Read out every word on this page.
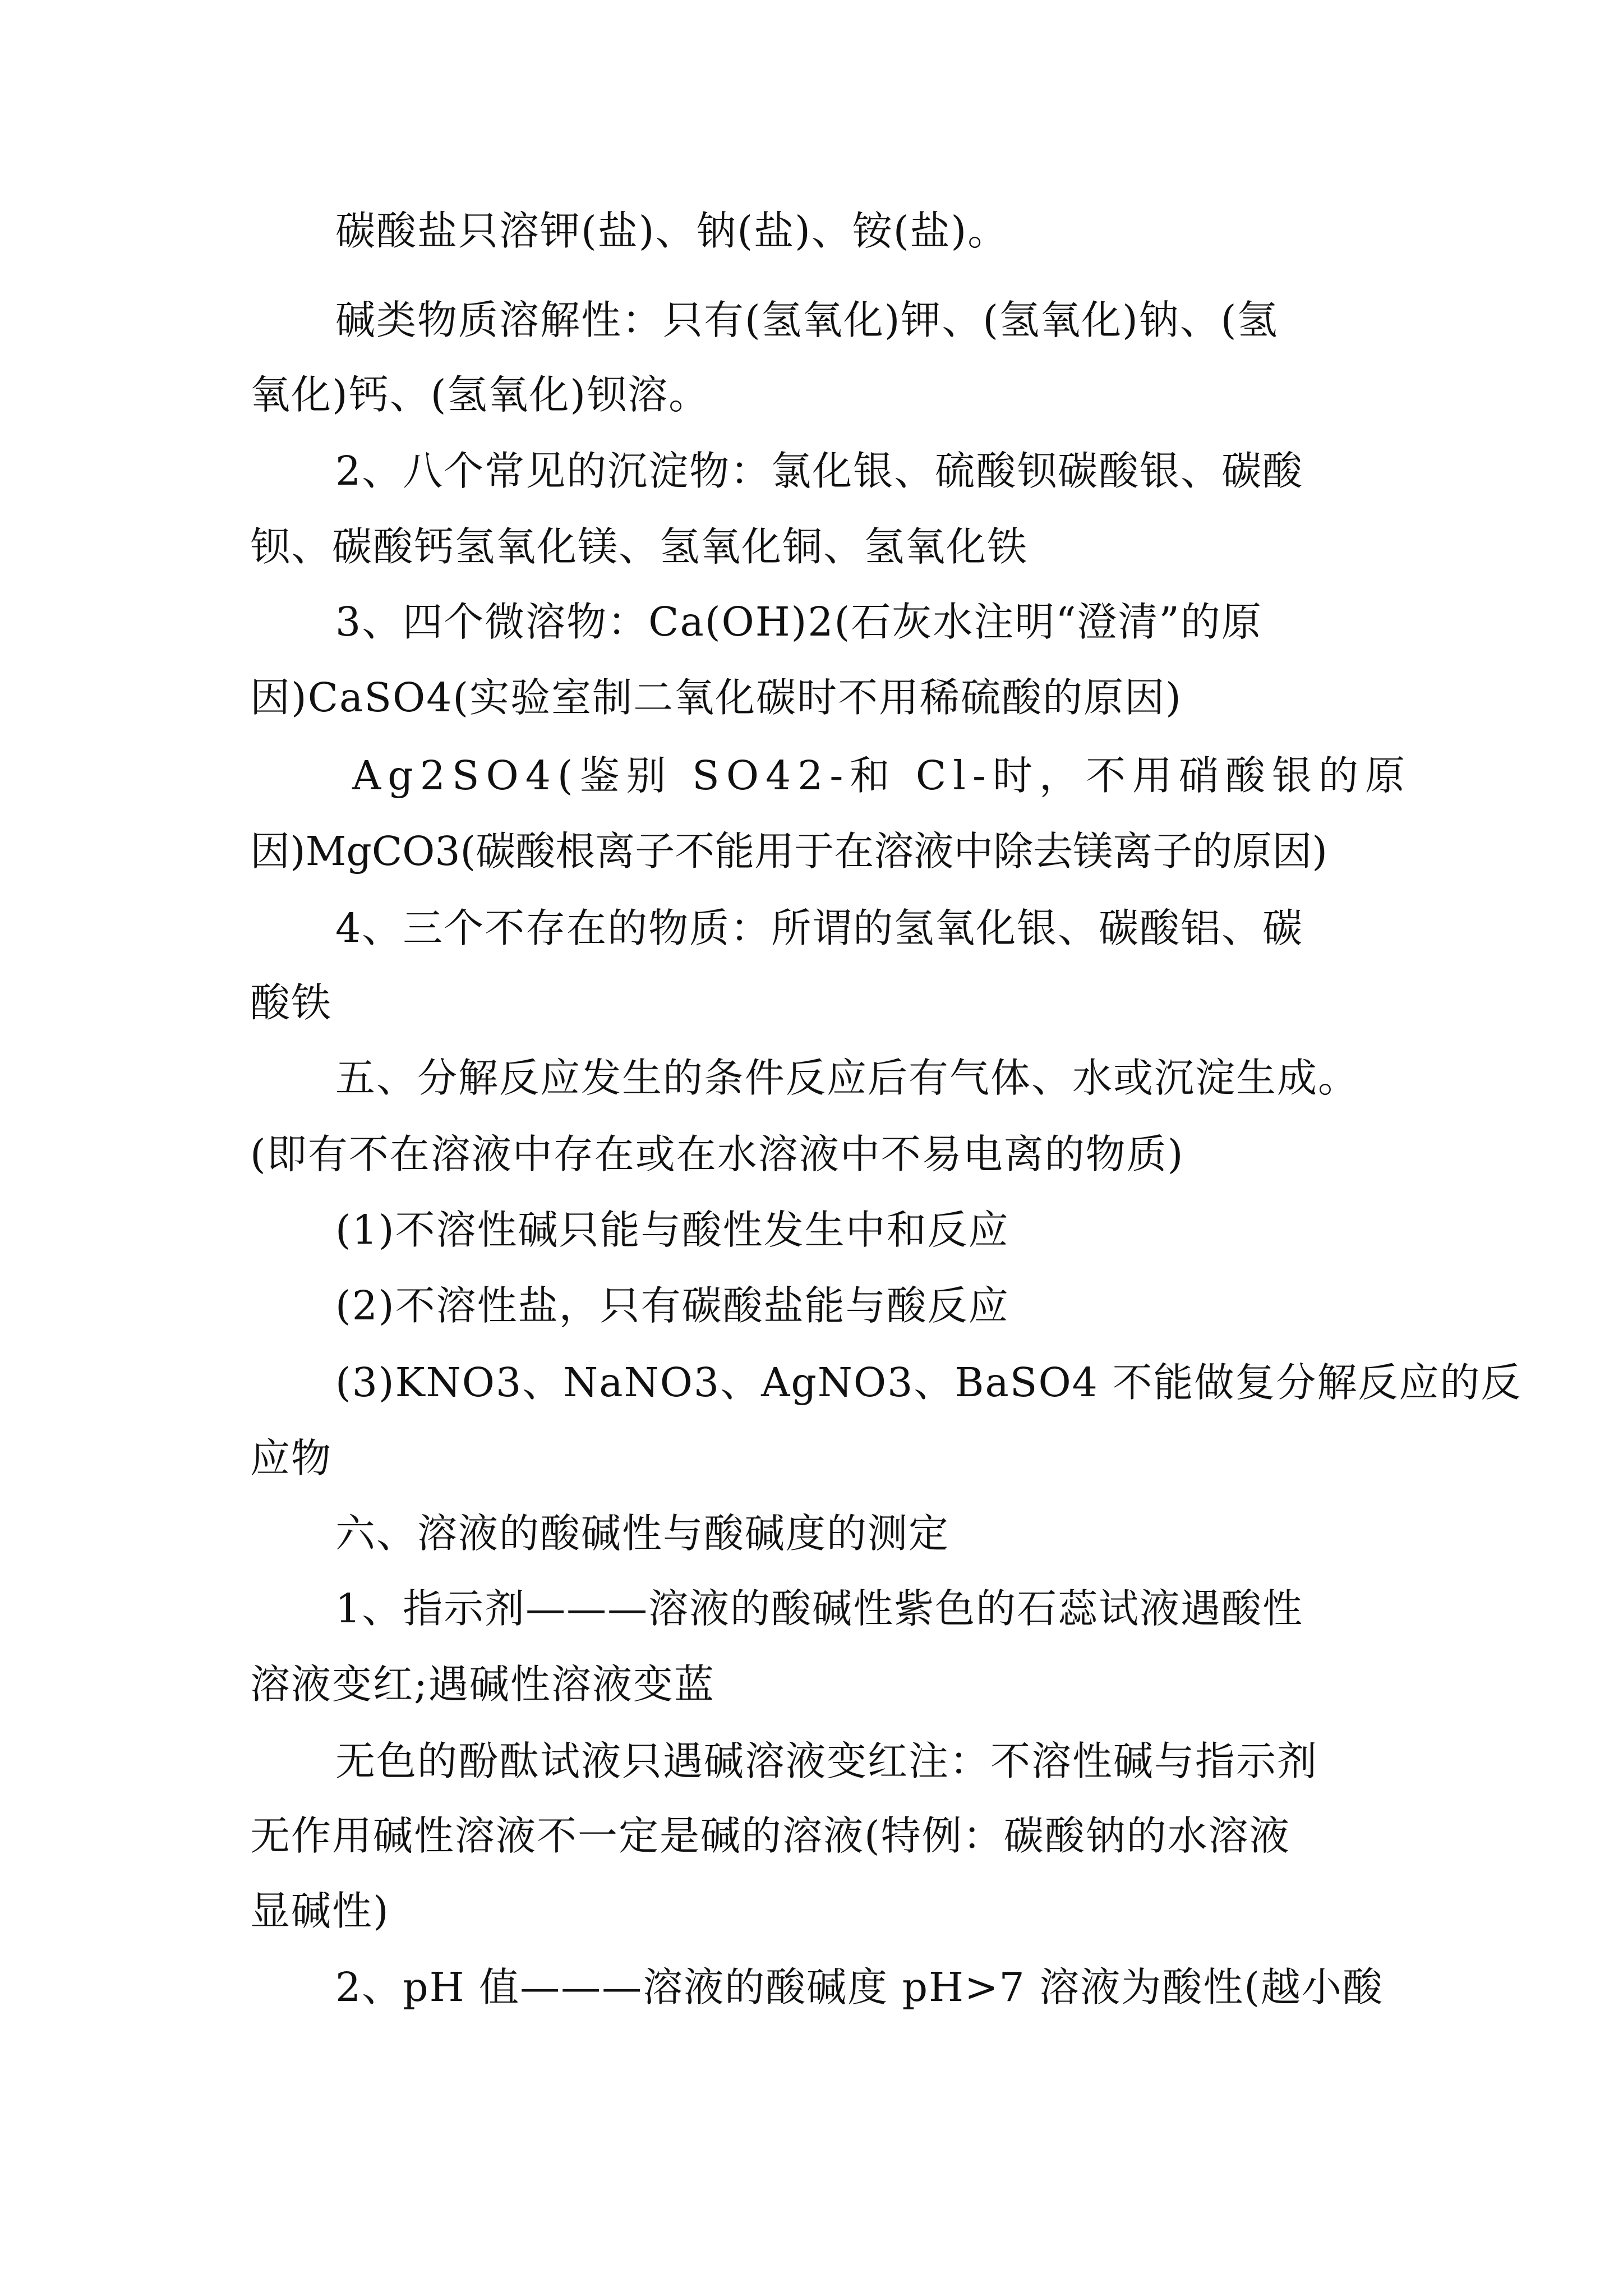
碳酸盐只溶钾(盐)、钠(盐)、铵(盐)。
碱类物质溶解性：只有(氢氧化)钾、(氢氧化)钠、(氢
氧化)钙、(氢氧化)钡溶。
2、八个常见的沉淀物：氯化银、硫酸钡碳酸银、碳酸
钡、碳酸钙氢氧化镁、氢氧化铜、氢氧化铁
3、四个微溶物：Ca(OH)2(石灰水注明“澄清”的原
因)CaSO4(实验室制二氧化碳时不用稀硫酸的原因)
Ag2SO4(鉴别 SO42-和 Cl-时，不用硝酸银的原
因)MgCO3(碳酸根离子不能用于在溶液中除去镁离子的原因)
4、三个不存在的物质：所谓的氢氧化银、碳酸铝、碳
酸铁
五、分解反应发生的条件反应后有气体、水或沉淀生成。
(即有不在溶液中存在或在水溶液中不易电离的物质)
(1)不溶性碱只能与酸性发生中和反应
(2)不溶性盐，只有碳酸盐能与酸反应
(3)KNO3、NaNO3、AgNO3、BaSO4 不能做复分解反应的反
应物
六、溶液的酸碱性与酸碱度的测定
1、指示剂———溶液的酸碱性紫色的石蕊试液遇酸性
溶液变红;遇碱性溶液变蓝
无色的酚酞试液只遇碱溶液变红注：不溶性碱与指示剂
无作用碱性溶液不一定是碱的溶液(特例：碳酸钠的水溶液
显碱性)
2、pH 值———溶液的酸碱度 pH>7 溶液为酸性(越小酸
